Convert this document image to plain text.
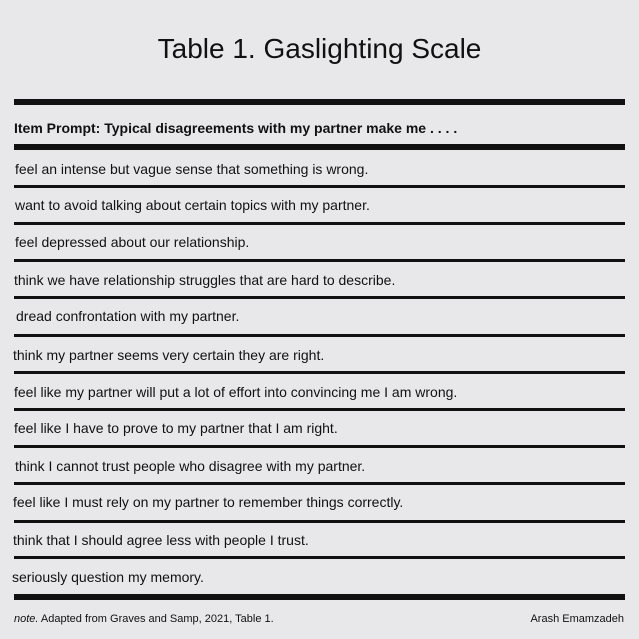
Table 1. Gaslighting Scale
Item Prompt: Typical disagreements with my partner make me . . . .
feel an intense but vague sense that something is wrong.
want to avoid talking about certain topics with my partner.
feel depressed about our relationship.
think we have relationship struggles that are hard to describe.
dread confrontation with my partner.
think my partner seems very certain they are right.
feel like my partner will put a lot of effort into convincing me I am wrong.
feel like I have to prove to my partner that I am right.
think I cannot trust people who disagree with my partner.
feel like I must rely on my partner to remember things correctly.
think that I should agree less with people I trust.
seriously question my memory.
note. Adapted from Graves and Samp, 2021, Table 1.	Arash Emamzadeh
